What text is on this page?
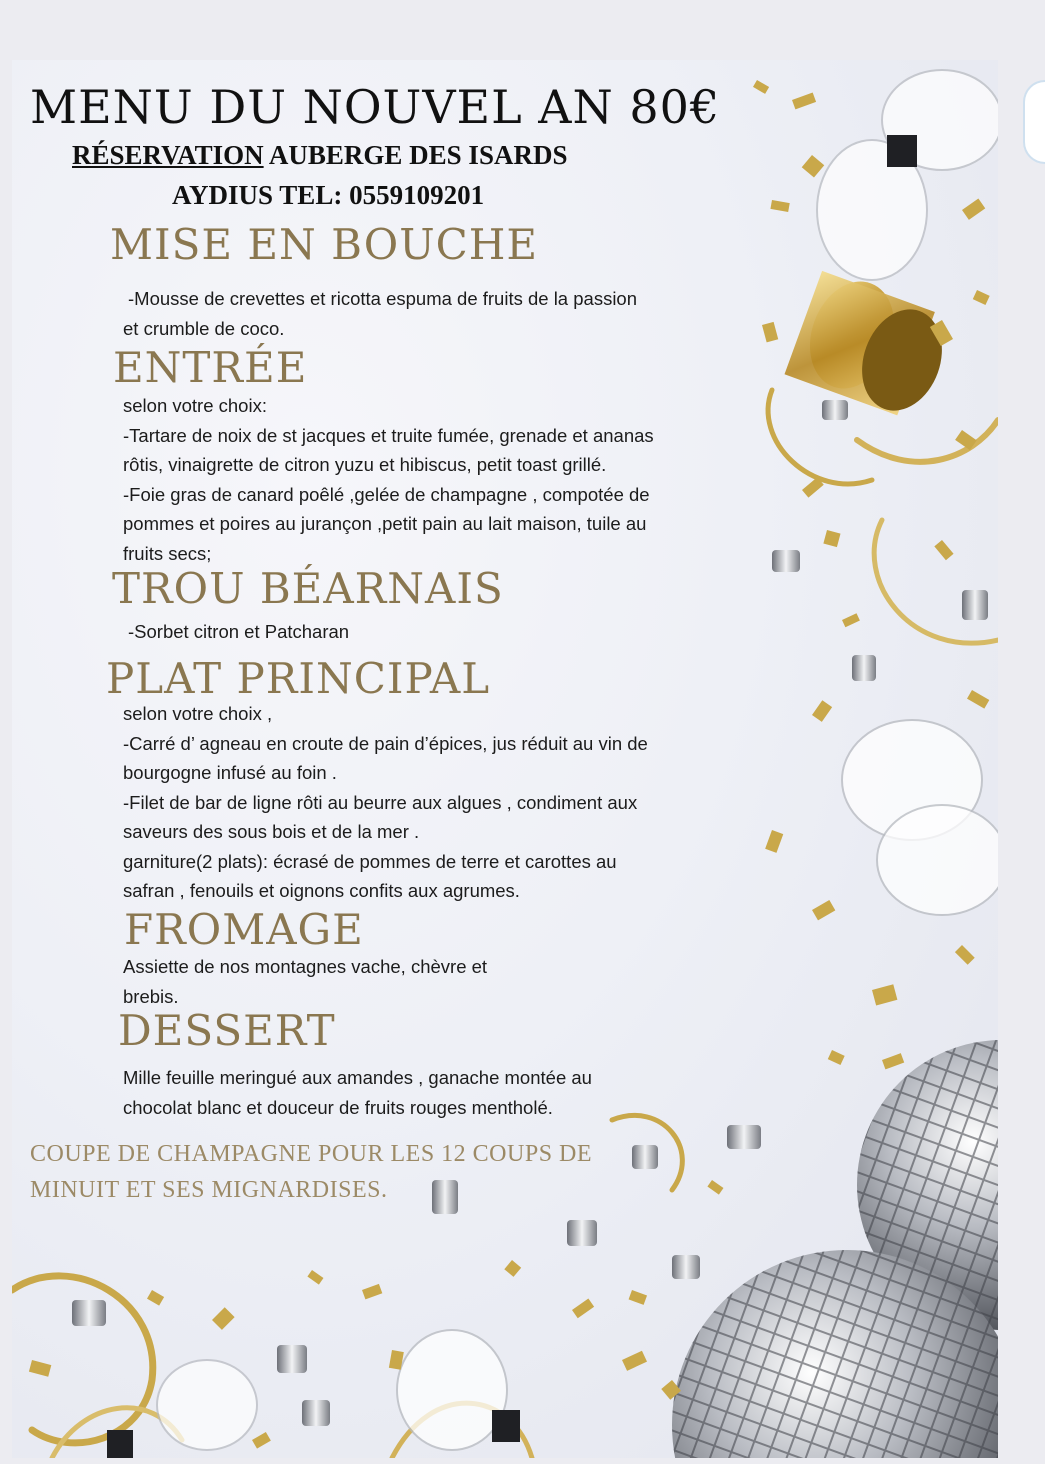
MENU DU NOUVEL AN 80€
RÉSERVATION AUBERGE DES ISARDS
AYDIUS TEL: 0559109201
MISE EN BOUCHE

-Mousse de crevettes et ricotta espuma de fruits de la passion

et crumble de coco.

ENTRÉE

selon votre choix:

-Tartare de noix de st jacques et truite fumée, grenade et ananas

rôtis, vinaigrette de citron yuzu et hibiscus, petit toast grillé.

-Foie gras de canard poêlé ,gelée de champagne , compotée de

pommes et poires au jurançon ,petit pain au lait maison, tuile au

fruits secs;

TROU BÉARNAIS

-Sorbet citron et Patcharan

PLAT PRINCIPAL

selon votre choix ,

-Carré d’ agneau en croute de pain d’épices, jus réduit au vin de

bourgogne infusé au foin .

-Filet de bar de ligne rôti au beurre aux algues , condiment aux

saveurs des sous bois et de la mer .

garniture(2 plats): écrasé de pommes de terre et carottes au

safran , fenouils et oignons confits aux agrumes.

FROMAGE

Assiette de nos montagnes vache, chèvre et

brebis.

DESSERT

Mille feuille meringué aux amandes , ganache montée au

chocolat blanc et douceur de fruits rouges mentholé.

COUPE DE CHAMPAGNE POUR LES 12 COUPS DE
MINUIT ET SES MIGNARDISES.
